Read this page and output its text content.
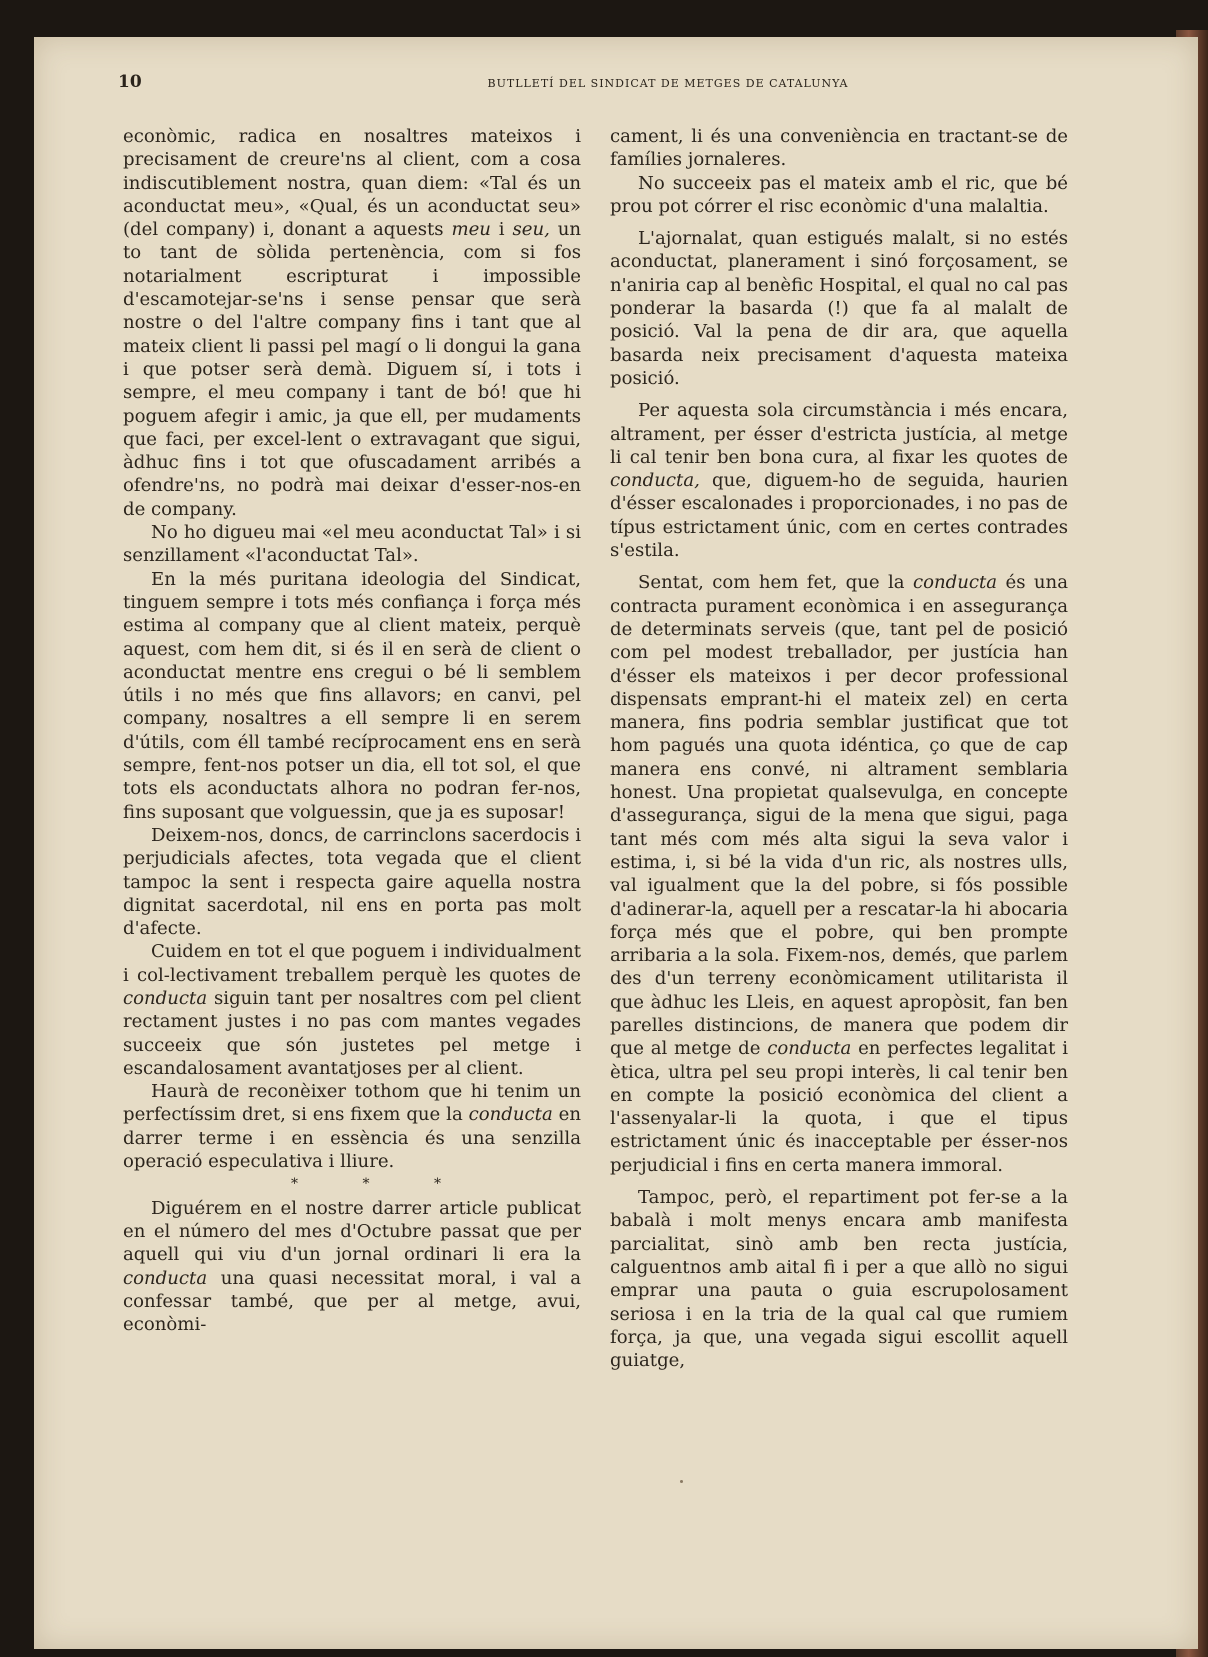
10	BUTLLETÍ DEL SINDICAT DE METGES DE CATALUNYA

econòmic, radica en nosaltres mateixos i precisament de creure'ns al client, com a cosa indiscutiblement nostra, quan diem: «Tal és un aconductat meu», «Qual, és un aconductat seu» (del company) i, donant a aquests meu i seu, un to tant de sòlida pertenència, com si fos notarialment escripturat i impossible d'escamotejar-se'ns i sense pensar que serà nostre o del l'altre company fins i tant que al mateix client li passi pel magí o li dongui la gana i que potser serà demà. Diguem sí, i tots i sempre, el meu company i tant de bó! que hi poguem afegir i amic, ja que ell, per mudaments que faci, per excel-lent o extravagant que sigui, àdhuc fins i tot que ofuscadament arribés a ofendre'ns, no podrà mai deixar d'esser-nos-en de company.

No ho digueu mai «el meu aconductat Tal» i si senzillament «l'aconductat Tal».

En la més puritana ideologia del Sindicat, tinguem sempre i tots més confiança i força més estima al company que al client mateix, perquè aquest, com hem dit, si és il en serà de client o aconductat mentre ens cregui o bé li semblem útils i no més que fins allavors; en canvi, pel company, nosaltres a ell sempre li en serem d'útils, com éll també recíprocament ens en serà sempre, fent-nos potser un dia, ell tot sol, el que tots els aconductats alhora no podran fer-nos, fins suposant que volguessin, que ja es suposar!

Deixem-nos, doncs, de carrinclons sacerdocis i perjudicials afectes, tota vegada que el client tampoc la sent i respecta gaire aquella nostra dignitat sacerdotal, nil ens en porta pas molt d'afecte.

Cuidem en tot el que poguem i individualment i col-lectivament treballem perquè les quotes de conducta siguin tant per nosaltres com pel client rectament justes i no pas com mantes vegades succeeix que són justetes pel metge i escandalosament avantatjoses per al client.

Haurà de reconèixer tothom que hi tenim un perfectíssim dret, si ens fixem que la conducta en darrer terme i en essència és una senzilla operació especulativa i lliure.

* * *

Diguérem en el nostre darrer article publicat en el número del mes d'Octubre passat que per aquell qui viu d'un jornal ordinari li era la conducta una quasi necessitat moral, i val a confessar també, que per al metge, avui, econòmi-

cament, li és una conveniència en tractant-se de famílies jornaleres.

No succeeix pas el mateix amb el ric, que bé prou pot córrer el risc econòmic d'una malaltia.

L'ajornalat, quan estigués malalt, si no estés aconductat, planerament i sinó forçosament, se n'aniria cap al benèfic Hospital, el qual no cal pas ponderar la basarda (!) que fa al malalt de posició. Val la pena de dir ara, que aquella basarda neix precisament d'aquesta mateixa posició.

Per aquesta sola circumstància i més encara, altrament, per ésser d'estricta justícia, al metge li cal tenir ben bona cura, al fixar les quotes de conducta, que, diguem-ho de seguida, haurien d'ésser escalonades i proporcionades, i no pas de típus estrictament únic, com en certes contrades s'estila.

Sentat, com hem fet, que la conducta és una contracta purament econòmica i en assegurança de determinats serveis (que, tant pel de posició com pel modest treballador, per justícia han d'ésser els mateixos i per decor professional dispensats emprant-hi el mateix zel) en certa manera, fins podria semblar justificat que tot hom pagués una quota idéntica, ço que de cap manera ens convé, ni altrament semblaria honest. Una propietat qualsevulga, en concepte d'assegurança, sigui de la mena que sigui, paga tant més com més alta sigui la seva valor i estima, i, si bé la vida d'un ric, als nostres ulls, val igualment que la del pobre, si fós possible d'adinerar-la, aquell per a rescatar-la hi abocaria força més que el pobre, qui ben prompte arribaria a la sola. Fixem-nos, demés, que parlem des d'un terreny econòmicament utilitarista il que àdhuc les Lleis, en aquest apropòsit, fan ben parelles distincions, de manera que podem dir que al metge de conducta en perfectes legalitat i ètica, ultra pel seu propi interès, li cal tenir ben en compte la posició econòmica del client a l'assenyalar-li la quota, i que el tipus estrictament únic és inacceptable per ésser-nos perjudicial i fins en certa manera immoral.

Tampoc, però, el repartiment pot fer-se a la babalà i molt menys encara amb manifesta parcialitat, sinò amb ben recta justícia, calguentnos amb aital fi i per a que allò no sigui emprar una pauta o guia escrupolosament seriosa i en la tria de la qual cal que rumiem força, ja que, una vegada sigui escollit aquell guiatge,
